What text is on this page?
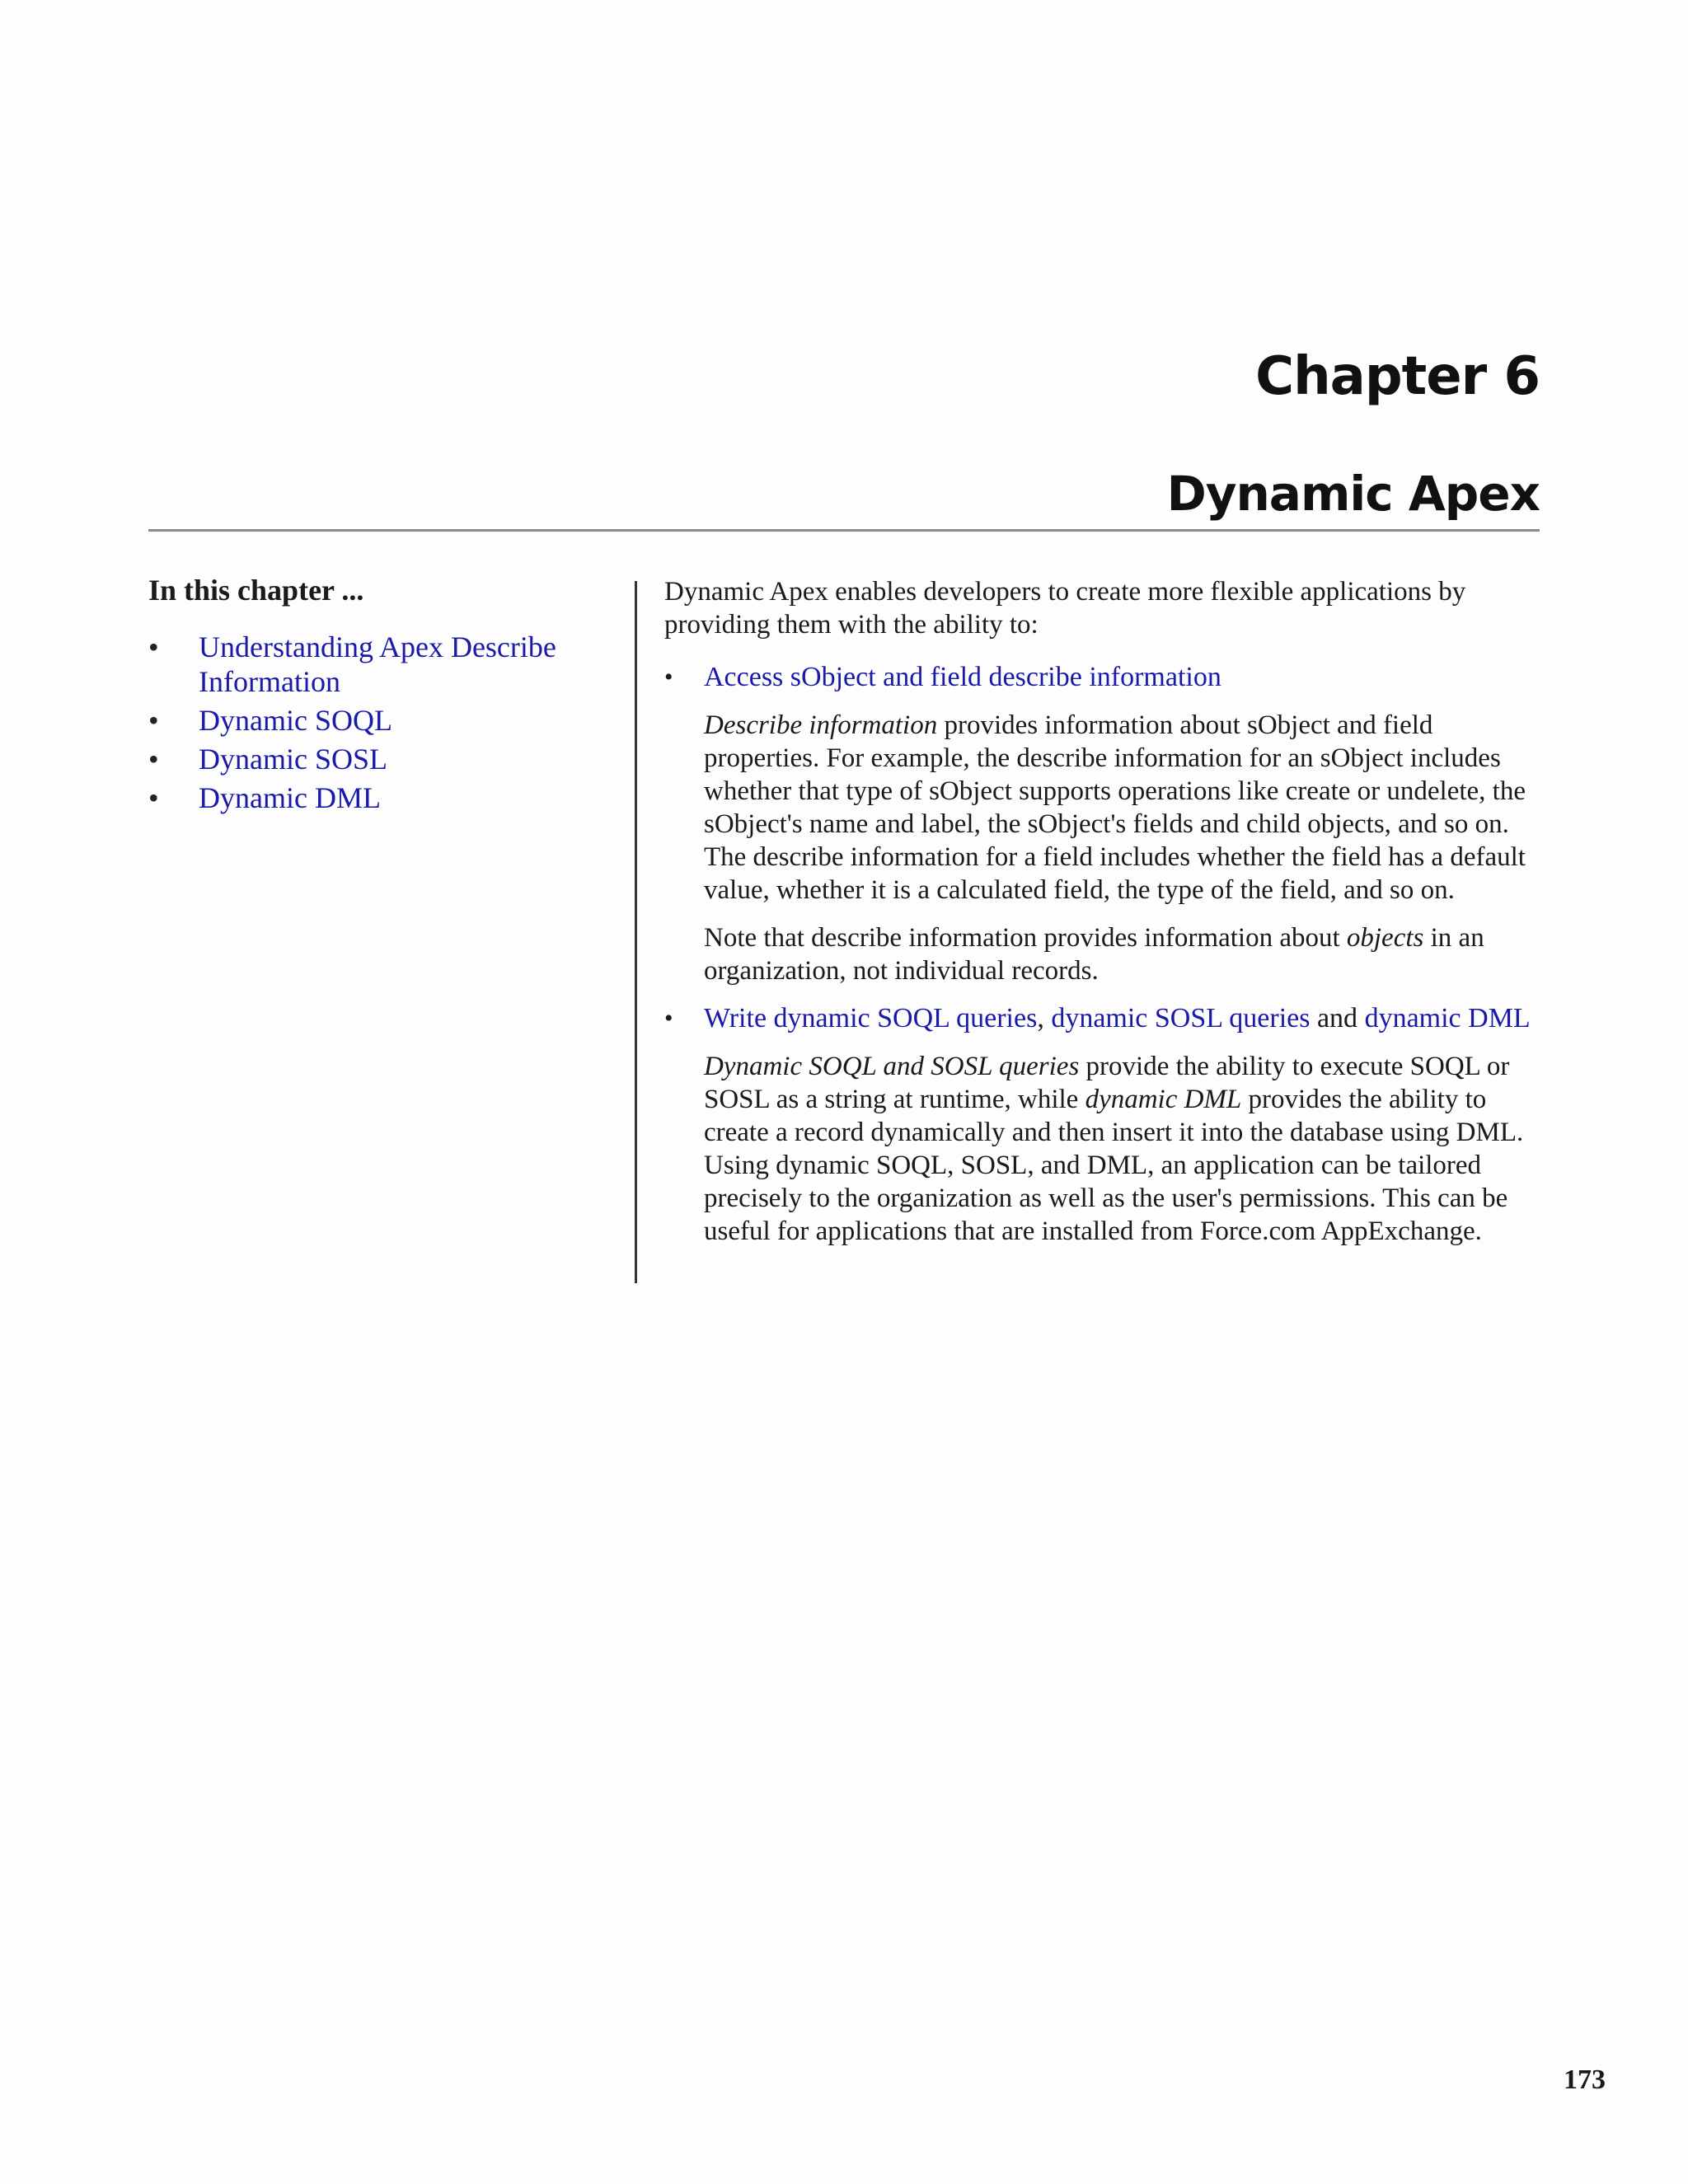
Chapter 6
Dynamic Apex

In this chapter ...

• Understanding Apex Describe Information
• Dynamic SOQL
• Dynamic SOSL
• Dynamic DML

Dynamic Apex enables developers to create more flexible applications by providing them with the ability to:

• Access sObject and field describe information

Describe information provides information about sObject and field properties. For example, the describe information for an sObject includes whether that type of sObject supports operations like create or undelete, the sObject's name and label, the sObject's fields and child objects, and so on. The describe information for a field includes whether the field has a default value, whether it is a calculated field, the type of the field, and so on.

Note that describe information provides information about objects in an organization, not individual records.

• Write dynamic SOQL queries, dynamic SOSL queries and dynamic DML

Dynamic SOQL and SOSL queries provide the ability to execute SOQL or SOSL as a string at runtime, while dynamic DML provides the ability to create a record dynamically and then insert it into the database using DML. Using dynamic SOQL, SOSL, and DML, an application can be tailored precisely to the organization as well as the user's permissions. This can be useful for applications that are installed from Force.com AppExchange.

173
